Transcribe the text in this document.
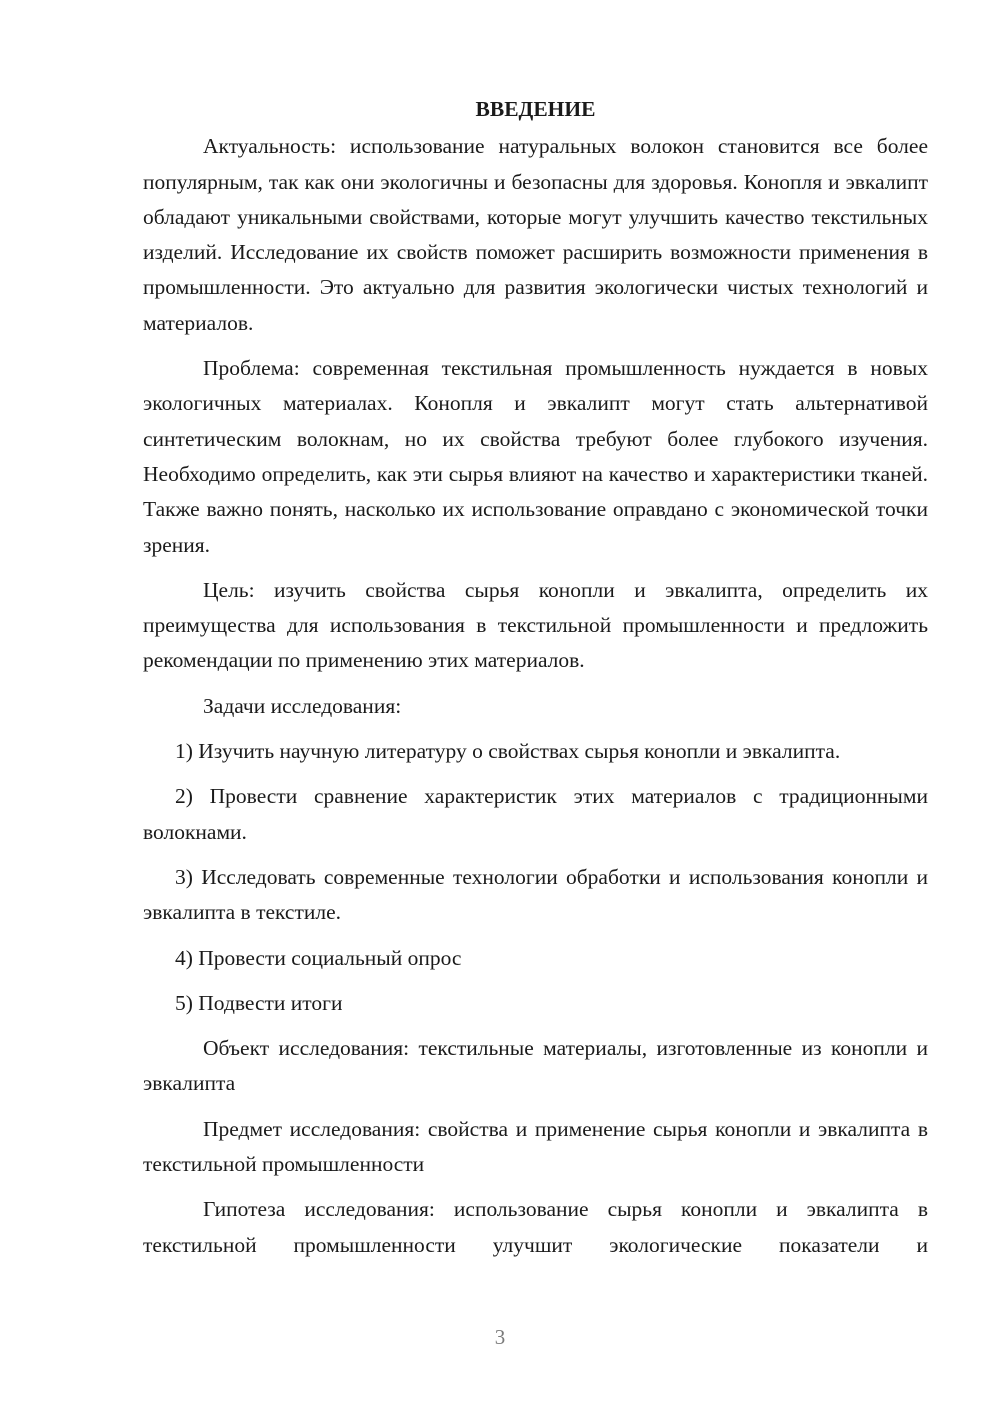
ВВЕДЕНИЕ

Актуальность: использование натуральных волокон становится все более популярным, так как они экологичны и безопасны для здоровья. Конопля и эвкалипт обладают уникальными свойствами, которые могут улучшить качество текстильных изделий. Исследование их свойств поможет расширить возможности применения в промышленности. Это актуально для развития экологически чистых технологий и материалов.

Проблема: современная текстильная промышленность нуждается в новых экологичных материалах. Конопля и эвкалипт могут стать альтернативой синтетическим волокнам, но их свойства требуют более глубокого изучения. Необходимо определить, как эти сырья влияют на качество и характеристики тканей. Также важно понять, насколько их использование оправдано с экономической точки зрения.

Цель: изучить свойства сырья конопли и эвкалипта, определить их преимущества для использования в текстильной промышленности и предложить рекомендации по применению этих материалов.

Задачи исследования:

1) Изучить научную литературу о свойствах сырья конопли и эвкалипта.

2) Провести сравнение характеристик этих материалов с традиционными волокнами.

3) Исследовать современные технологии обработки и использования конопли и эвкалипта в текстиле.

4) Провести социальный опрос

5) Подвести итоги

Объект исследования: текстильные материалы, изготовленные из конопли и эвкалипта

Предмет исследования: свойства и применение сырья конопли и эвкалипта в текстильной промышленности

Гипотеза исследования: использование сырья конопли и эвкалипта в текстильной промышленности улучшит экологические показатели и

3
